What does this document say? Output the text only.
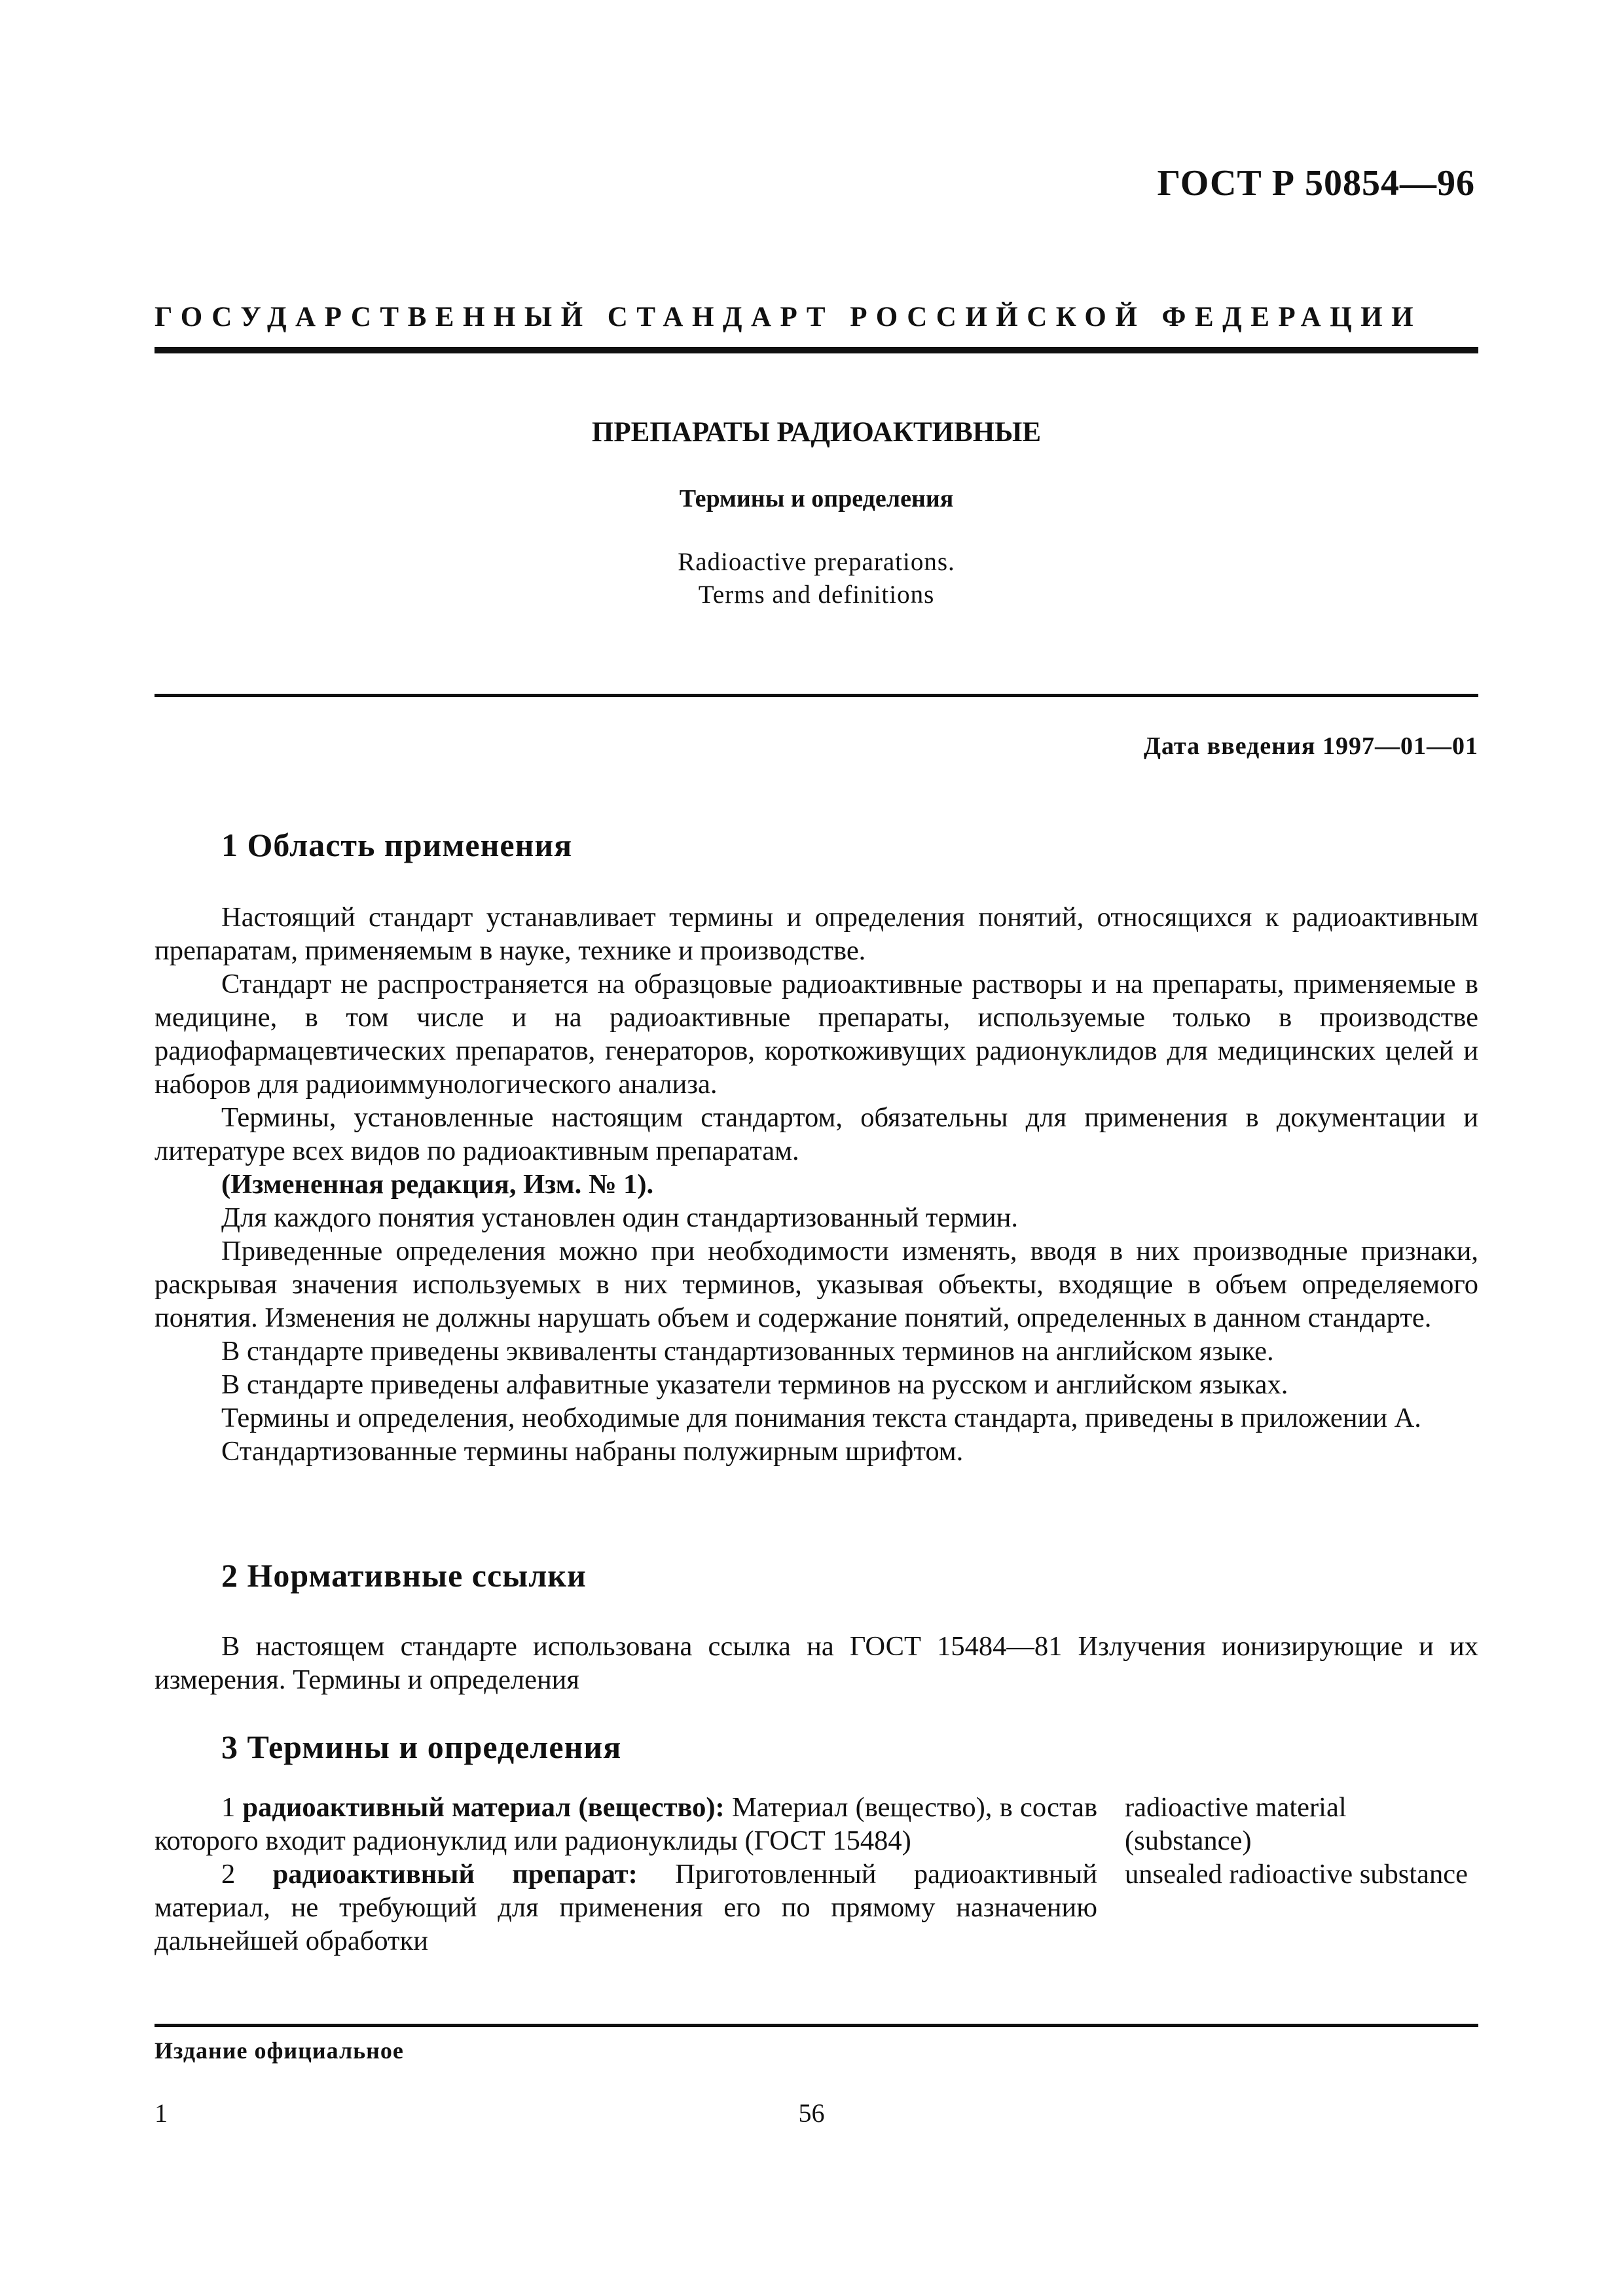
ГОСТ Р 50854—96
ГОСУДАРСТВЕННЫЙ СТАНДАРТ РОССИЙСКОЙ ФЕДЕРАЦИИ
ПРЕПАРАТЫ РАДИОАКТИВНЫЕ
Термины и определения
Radioactive preparations.
Terms and definitions
Дата введения 1997—01—01
1 Область применения

Настоящий стандарт устанавливает термины и определения понятий, относящихся к радиоактивным препаратам, применяемым в науке, технике и производстве.

Стандарт не распространяется на образцовые радиоактивные растворы и на препараты, применяемые в медицине, в том числе и на радиоактивные препараты, используемые только в производстве радиофармацевтических препаратов, генераторов, короткоживущих радионуклидов для медицинских целей и наборов для радиоиммунологического анализа.

Термины, установленные настоящим стандартом, обязательны для применения в документации и литературе всех видов по радиоактивным препаратам.

(Измененная редакция, Изм. № 1).

Для каждого понятия установлен один стандартизованный термин.

Приведенные определения можно при необходимости изменять, вводя в них производные признаки, раскрывая значения используемых в них терминов, указывая объекты, входящие в объем определяемого понятия. Изменения не должны нарушать объем и содержание понятий, определенных в данном стандарте.

В стандарте приведены эквиваленты стандартизованных терминов на английском языке.

В стандарте приведены алфавитные указатели терминов на русском и английском языках.

Термины и определения, необходимые для понимания текста стандарта, приведены в приложении А.

Стандартизованные термины набраны полужирным шрифтом.

2 Нормативные ссылки

В настоящем стандарте использована ссылка на ГОСТ 15484—81 Излучения ионизирующие и их измерения. Термины и определения

3 Термины и определения
1 радиоактивный материал (вещество): Материал (вещество), в состав которого входит радионуклид или радионуклиды (ГОСТ 15484)
radioactive material
(substance)
2 радиоактивный препарат: Приготовленный радиоактивный материал, не требующий для применения его по прямому назначению дальнейшей обработки
unsealed radioactive substance
Издание официальное
1	56
